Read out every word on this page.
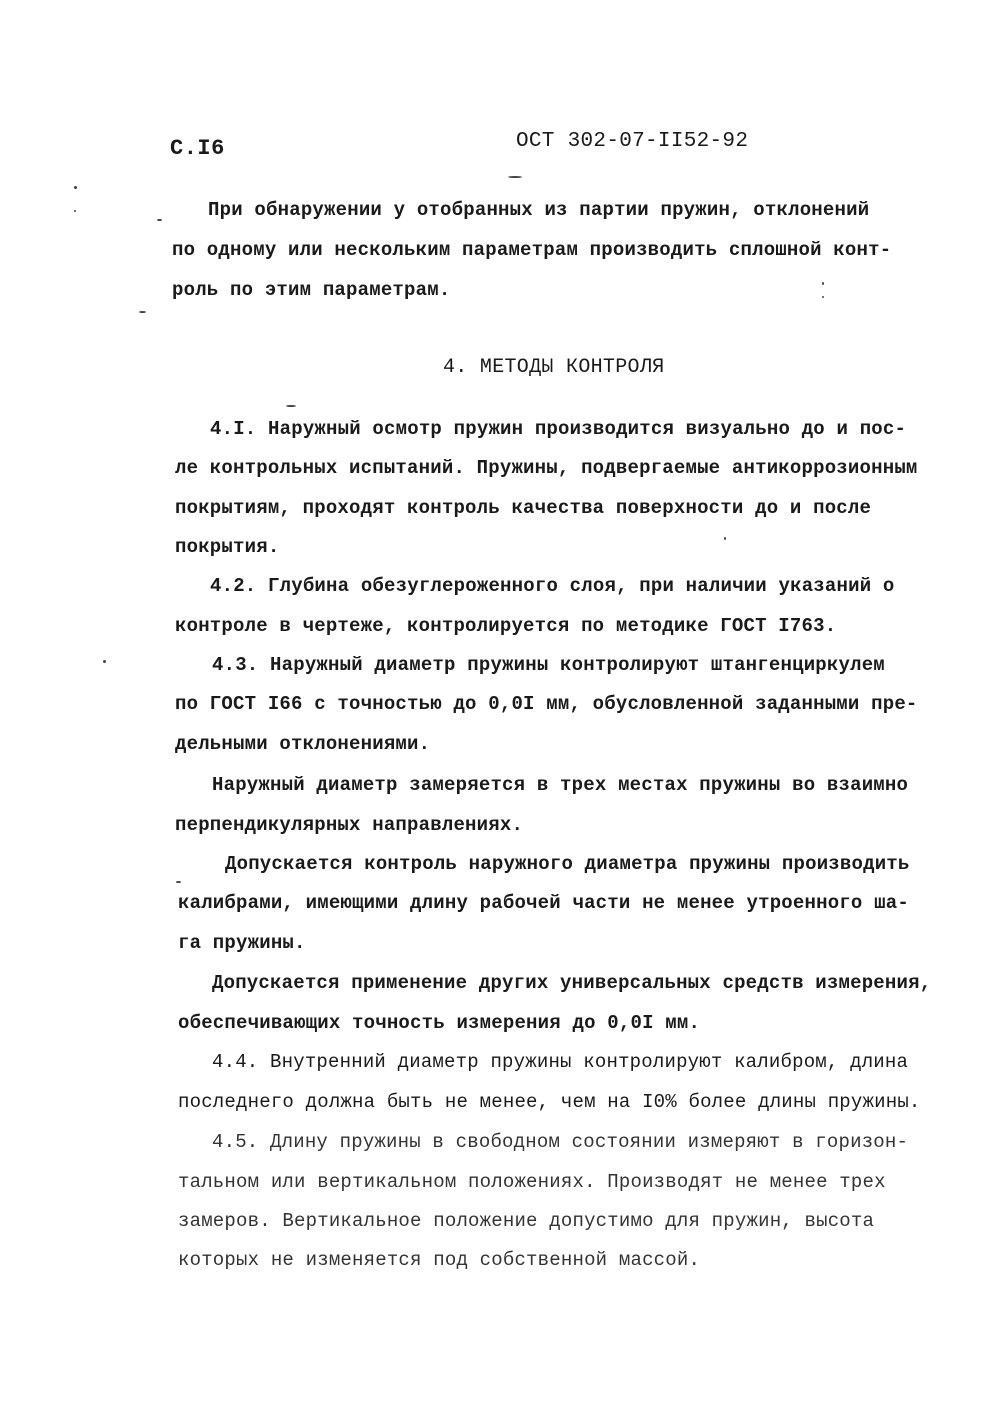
С.I6	ОСТ 302-07-II52-92
При обнаружении у отобранных из партии пружин, отклонений
по одному или нескольким параметрам производить сплошной конт-
роль по этим параметрам.
4. МЕТОДЫ КОНТРОЛЯ
4.I. Наружный осмотр пружин производится визуально до и пос-
ле контрольных испытаний. Пружины, подвергаемые антикоррозионным
покрытиям, проходят контроль качества поверхности до и после
покрытия.
4.2. Глубина обезуглероженного слоя, при наличии указаний о
контроле в чертеже, контролируется по методике ГОСТ I763.
4.3. Наружный диаметр пружины контролируют штангенциркулем
по ГОСТ I66 с точностью до 0,0I мм, обусловленной заданными пре-
дельными отклонениями.
Наружный диаметр замеряется в трех местах пружины во взаимно
перпендикулярных направлениях.
Допускается контроль наружного диаметра пружины производить
калибрами, имеющими длину рабочей части не менее утроенного ша-
га пружины.
Допускается применение других универсальных средств измерения,
обеспечивающих точность измерения до 0,0I мм.
4.4. Внутренний диаметр пружины контролируют калибром, длина
последнего должна быть не менее, чем на I0% более длины пружины.
4.5. Длину пружины в свободном состоянии измеряют в горизон-
тальном или вертикальном положениях. Производят не менее трех
замеров. Вертикальное положение допустимо для пружин, высота
которых не изменяется под собственной массой.
